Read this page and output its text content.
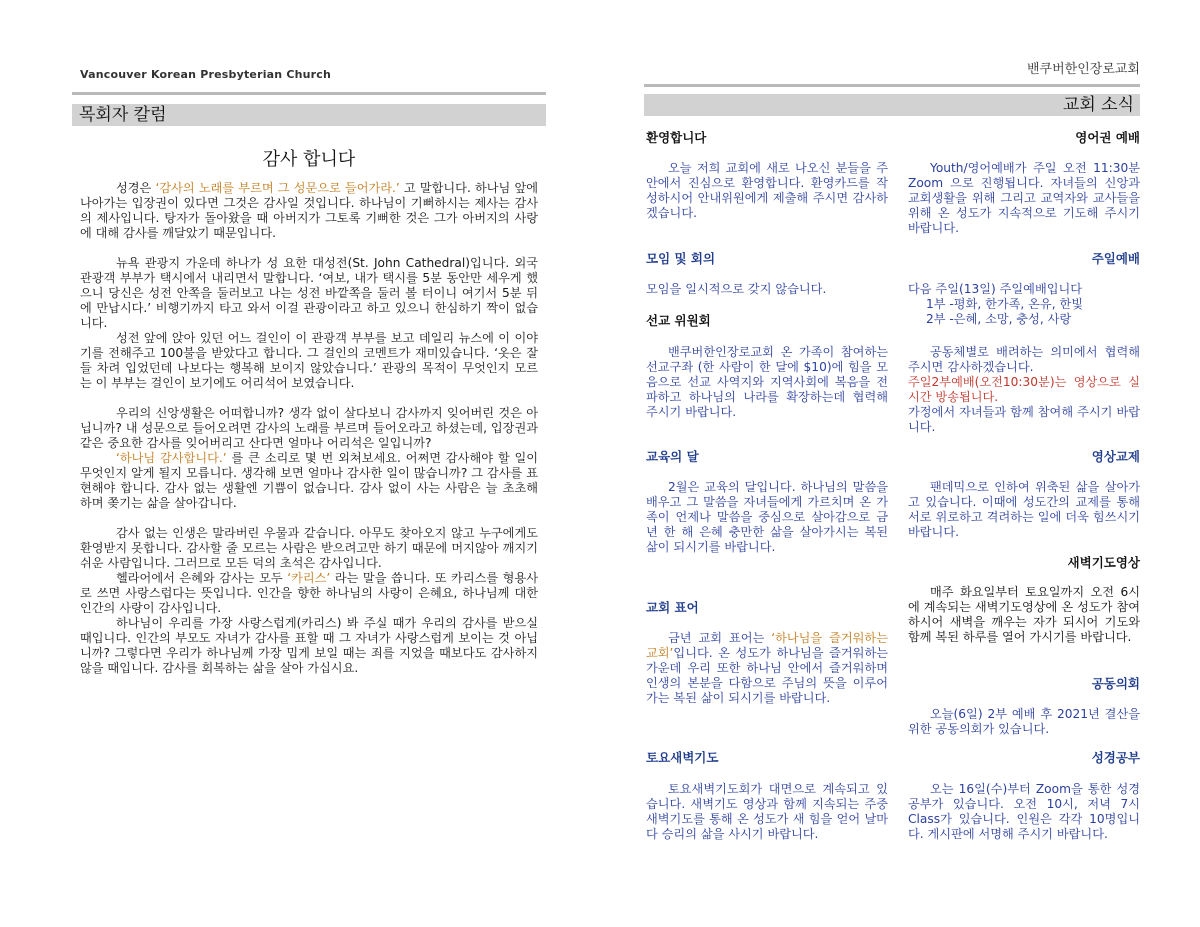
Vancouver Korean Presbyterian Church
목회자 칼럼
감사 합니다

성경은 ‘감사의 노래를 부르며 그 성문으로 들어가라.’ 고 말합니다. 하나님 앞에 나아가는 입장권이 있다면 그것은 감사일 것입니다. 하나님이 기뻐하시는 제사는 감사의 제사입니다. 탕자가 돌아왔을 때 아버지가 그토록 기뻐한 것은 그가 아버지의 사랑에 대해 감사를 깨달았기 때문입니다.

뉴욕 관광지 가운데 하나가 성 요한 대성전(St. John Cathedral)입니다. 외국 관광객 부부가 택시에서 내리면서 말합니다. ‘여보, 내가 택시를 5분 동안만 세우게 했으니 당신은 성전 안쪽을 둘러보고 나는 성전 바깥쪽을 둘러 볼 터이니 여기서 5분 뒤에 만납시다.’ 비행기까지 타고 와서 이걸 관광이라고 하고 있으니 한심하기 짝이 없습니다.

성전 앞에 앉아 있던 어느 걸인이 이 관광객 부부를 보고 데일리 뉴스에 이 이야기를 전해주고 100불을 받았다고 합니다. 그 걸인의 코멘트가 재미있습니다. ‘옷은 잘들 차려 입었던데 나보다는 행복해 보이지 않았습니다.’ 관광의 목적이 무엇인지 모르는 이 부부는 걸인이 보기에도 어리석어 보였습니다.

우리의 신앙생활은 어떠합니까? 생각 없이 살다보니 감사까지 잊어버린 것은 아닙니까? 내 성문으로 들어오려면 감사의 노래를 부르며 들어오라고 하셨는데, 입장권과 같은 중요한 감사를 잊어버리고 산다면 얼마나 어리석은 일입니까?

‘하나님 감사합니다.’ 를 큰 소리로 몇 번 외쳐보세요. 어쩌면 감사해야 할 일이 무엇인지 알게 될지 모릅니다. 생각해 보면 얼마나 감사한 일이 많습니까? 그 감사를 표현해야 합니다. 감사 없는 생활엔 기쁨이 없습니다. 감사 없이 사는 사람은 늘 초초해 하며 쫒기는 삶을 살아갑니다.

감사 없는 인생은 말라버린 우물과 같습니다. 아무도 찾아오지 않고 누구에게도 환영받지 못합니다. 감사할 줄 모르는 사람은 받으려고만 하기 때문에 머지않아 깨지기 쉬운 사람입니다. 그러므로 모든 덕의 초석은 감사입니다.

헬라어에서 은혜와 감사는 모두 ‘카리스’ 라는 말을 씁니다. 또 카리스를 형용사로 쓰면 사랑스럽다는 뜻입니다. 인간을 향한 하나님의 사랑이 은혜요, 하나님께 대한 인간의 사랑이 감사입니다.

하나님이 우리를 가장 사랑스럽게(카리스) 봐 주실 때가 우리의 감사를 받으실 때입니다. 인간의 부모도 자녀가 감사를 표할 때 그 자녀가 사랑스럽게 보이는 것 아닙니까? 그렇다면 우리가 하나님께 가장 밉게 보일 때는 죄를 지었을 때보다도 감사하지 않을 때입니다. 감사를 회복하는 삶을 살아 가십시요.

밴쿠버한인장로교회
교회 소식
환영합니다
오늘 저희 교회에 새로 나오신 분들을 주 안에서 진심으로 환영합니다. 환영카드를 작성하시어 안내위원에게 제출해 주시면 감사하겠습니다.
모임 및 회의
모임을 일시적으로 갖지 않습니다.
선교 위원회
밴쿠버한인장로교회 온 가족이 참여하는 선교구좌 (한 사람이 한 달에 $10)에 힘을 모음으로 선교 사역지와 지역사회에 복음을 전파하고 하나님의 나라를 확장하는데 협력해 주시기 바랍니다.
교육의 달
2월은 교육의 달입니다. 하나님의 말씀을 배우고 그 말씀을 자녀들에게 가르치며 온 가족이 언제나 말씀을 중심으로 살아감으로 금년 한 해 은혜 충만한 삶을 살아가시는 복된 삶이 되시기를 바랍니다.
교회 표어
금년 교회 표어는 ‘하나님을 즐거워하는 교회’입니다. 온 성도가 하나님을 즐거워하는 가운데 우리 또한 하나님 안에서 즐거워하며 인생의 본분을 다함으로 주님의 뜻을 이루어가는 복된 삶이 되시기를 바랍니다.
토요새벽기도
토요새벽기도회가 대면으로 계속되고 있습니다. 새벽기도 영상과 함께 지속되는 주중 새벽기도를 통해 온 성도가 새 힘을 얻어 날마다 승리의 삶을 사시기 바랍니다.
영어권 예배
Youth/영어예배가 주일 오전 11:30분 Zoom 으로 진행됩니다. 자녀들의 신앙과 교회생활을 위해 그리고 교역자와 교사들을 위해 온 성도가 지속적으로 기도해 주시기 바랍니다.
주일예배
다음 주일(13일) 주일예배입니다
1부 -평화, 한가족, 온유, 한빛
2부 -은혜, 소망, 충성, 사랑
공동체별로 배려하는 의미에서 협력해 주시면 감사하겠습니다.
주일2부예배(오전10:30분)는 영상으로 실시간 방송됩니다.
가정에서 자녀들과 함께 참여해 주시기 바랍니다.
영상교제
팬데믹으로 인하여 위축된 삶을 살아가고 있습니다. 이때에 성도간의 교제를 통해 서로 위로하고 격려하는 일에 더욱 힘쓰시기 바랍니다.
새벽기도영상
매주 화요일부터 토요일까지 오전 6시에 계속되는 새벽기도영상에 온 성도가 참여하시어 새벽을 깨우는 자가 되시어 기도와 함께 복된 하루를 열어 가시기를 바랍니다.
공동의회
오늘(6일) 2부 예배 후 2021년 결산을 위한 공동의회가 있습니다.
성경공부
오는 16일(수)부터 Zoom을 통한 성경공부가 있습니다. 오전 10시, 저녁 7시 Class가 있습니다. 인원은 각각 10명입니다. 게시판에 서명해 주시기 바랍니다.
